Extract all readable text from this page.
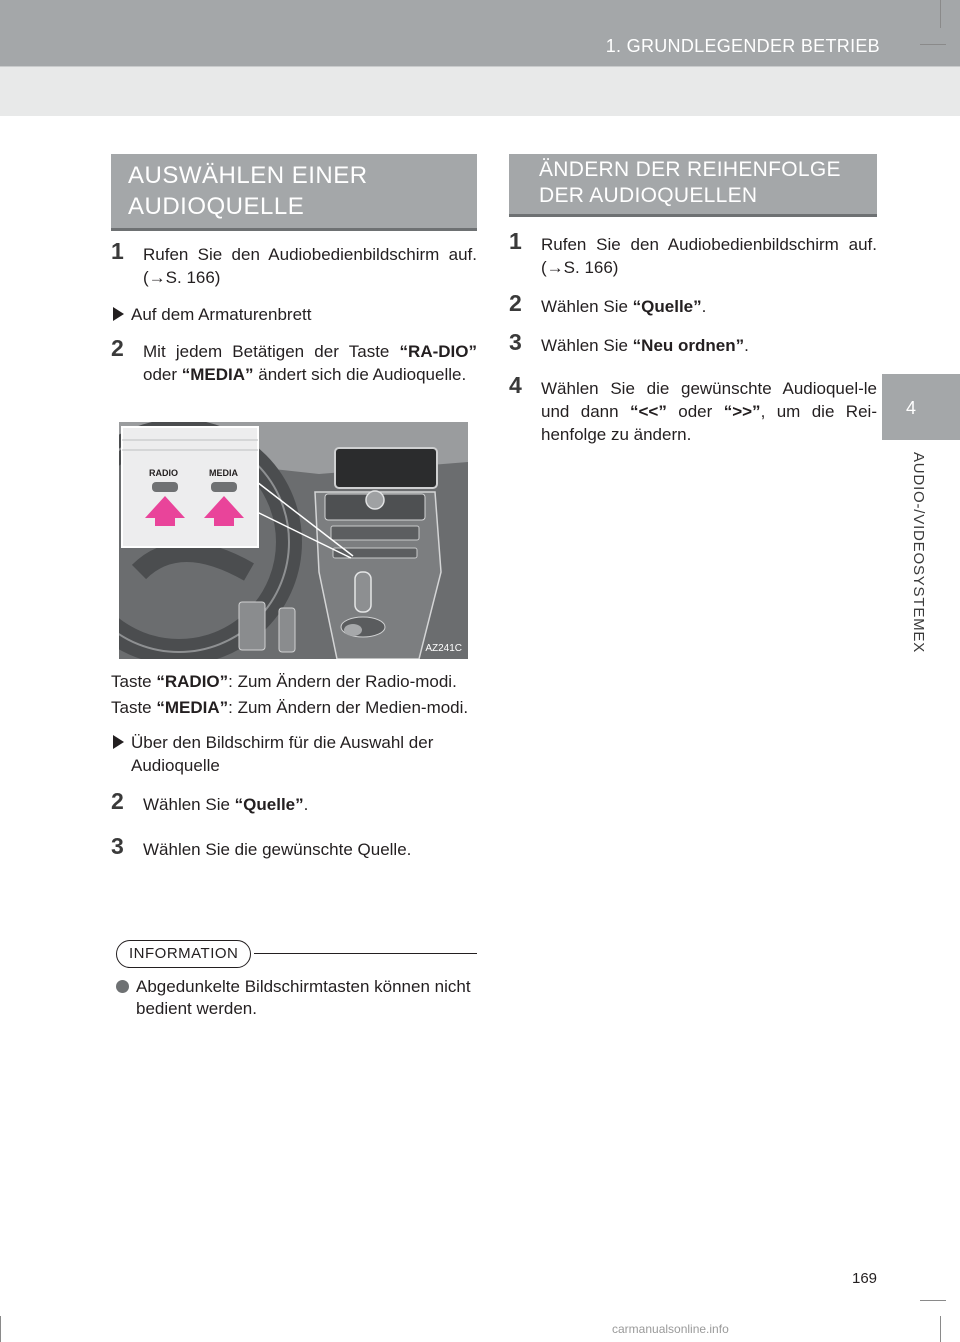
1. GRUNDLEGENDER BETRIEB
4
AUDIO-/VIDEOSYSTEMEX
AUSWÄHLEN EINER
AUDIOQUELLE
1 Rufen Sie den Audiobedienbildschirm auf. (→S. 166)
Auf dem Armaturenbrett
2 Mit jedem Betätigen der Taste “RA-DIO” oder “MEDIA” ändert sich die Audioquelle.
RADIO	MEDIA
AZ241C
Taste “RADIO”: Zum Ändern der Radio-modi.
Taste “MEDIA”: Zum Ändern der Medien-modi.
Über den Bildschirm für die Auswahl der Audioquelle
2 Wählen Sie “Quelle”.
3 Wählen Sie die gewünschte Quelle.
INFORMATION
Abgedunkelte Bildschirmtasten können nicht bedient werden.
ÄNDERN DER REIHENFOLGE
DER AUDIOQUELLEN
1 Rufen Sie den Audiobedienbildschirm auf. (→S. 166)
2 Wählen Sie “Quelle”.
3 Wählen Sie “Neu ordnen”.
4 Wählen Sie die gewünschte Audioquel-le und dann “<<” oder “>>”, um die Rei-henfolge zu ändern.
169
carmanualsonline.info
